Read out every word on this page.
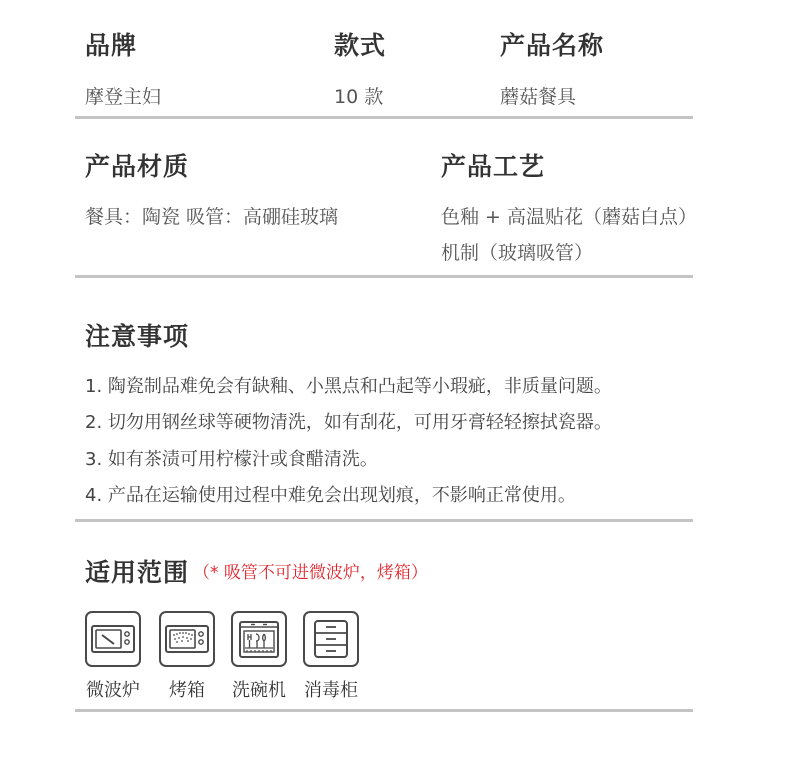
品牌	款式	产品名称
摩登主妇	10 款	蘑菇餐具
产品材质	产品工艺
餐具：陶瓷 吸管：高硼硅玻璃	色釉 + 高温贴花（蘑菇白点）
机制（玻璃吸管）
注意事项
1. 陶瓷制品难免会有缺釉、小黑点和凸起等小瑕疵，非质量问题。
2. 切勿用钢丝球等硬物清洗，如有刮花，可用牙膏轻轻擦拭瓷器。
3. 如有茶渍可用柠檬汁或食醋清洗。
4. 产品在运输使用过程中难免会出现划痕，不影响正常使用。
适用范围 （* 吸管不可进微波炉，烤箱）
微波炉	烤箱	洗碗机	消毒柜
